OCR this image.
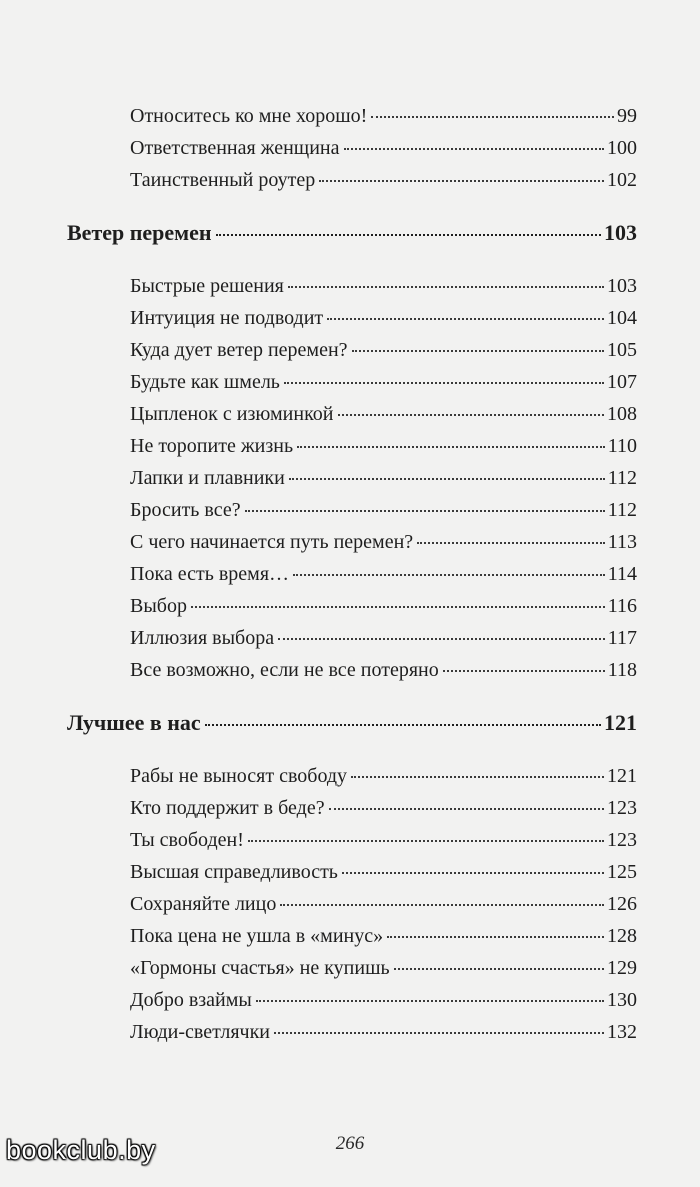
Относитесь ко мне хорошо!	99
Ответственная женщина	100
Таинственный роутер	102
Ветер перемен	103
Быстрые решения	103
Интуиция не подводит	104
Куда дует ветер перемен?	105
Будьте как шмель	107
Цыпленок с изюминкой	108
Не торопите жизнь	110
Лапки и плавники	112
Бросить все?	112
С чего начинается путь перемен?	113
Пока есть время…	114
Выбор	116
Иллюзия выбора	117
Все возможно, если не все потеряно	118
Лучшее в нас	121
Рабы не выносят свободу	121
Кто поддержит в беде?	123
Ты свободен!	123
Высшая справедливость	125
Сохраняйте лицо	126
Пока цена не ушла в «минус»	128
«Гормоны счастья» не купишь	129
Добро взаймы	130
Люди-светлячки	132
266
bookclub.by
